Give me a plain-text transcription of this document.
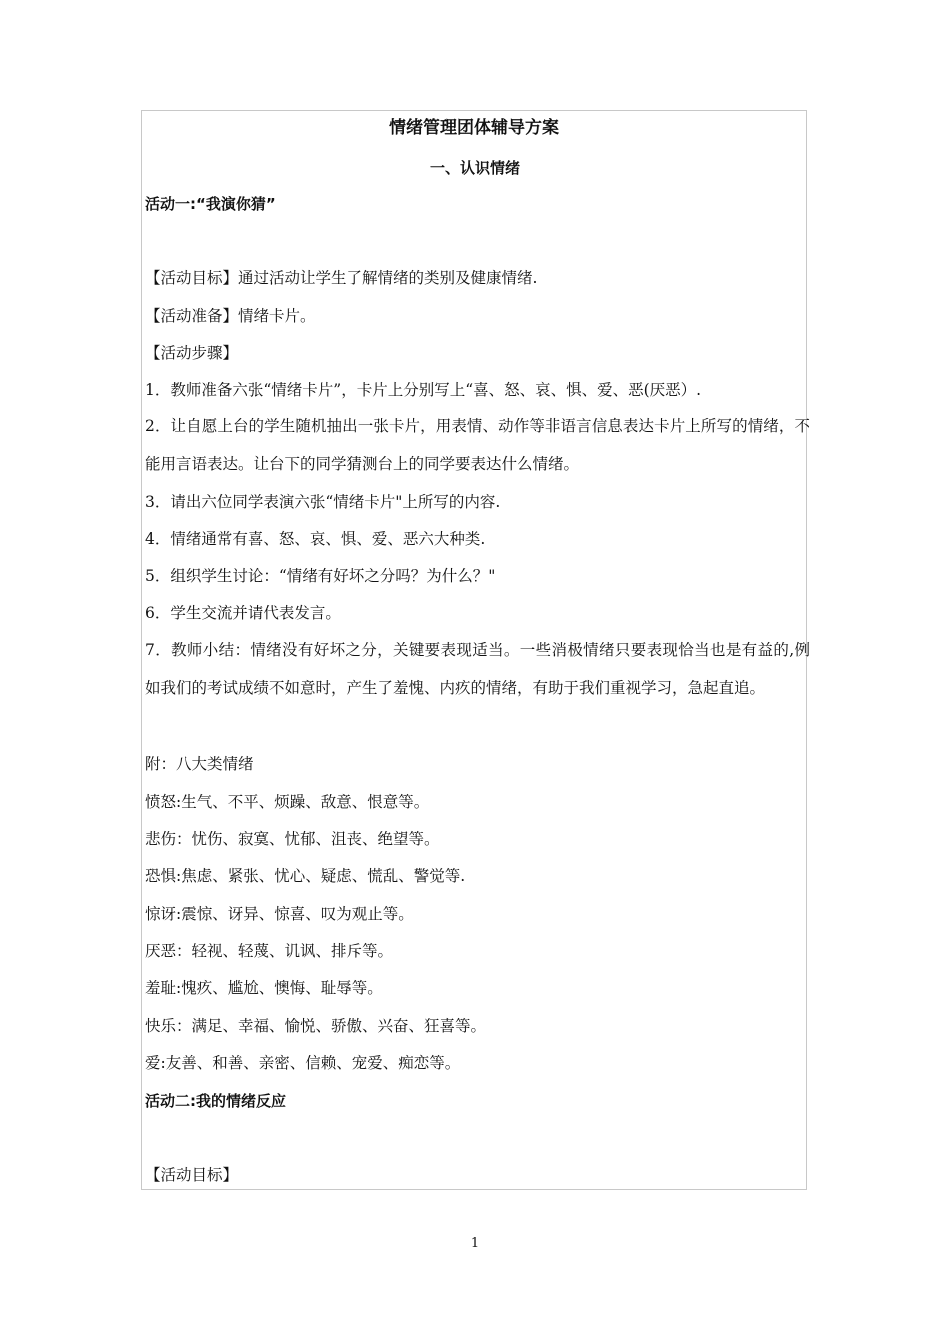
情绪管理团体辅导方案
一、认识情绪
活动一:“我演你猜”
【活动目标】通过活动让学生了解情绪的类别及健康情绪.
【活动准备】情绪卡片。
【活动步骤】
1．教师准备六张“情绪卡片”，卡片上分别写上“喜、怒、哀、惧、爱、恶(厌恶）.
2．让自愿上台的学生随机抽出一张卡片，用表情、动作等非语言信息表达卡片上所写的情绪，不能用言语表达。让台下的同学猜测台上的同学要表达什么情绪。
3．请出六位同学表演六张“情绪卡片"上所写的内容.
4．情绪通常有喜、怒、哀、惧、爱、恶六大种类.
5．组织学生讨论：“情绪有好坏之分吗？为什么？"
6．学生交流并请代表发言。
7．教师小结：情绪没有好坏之分，关键要表现适当。一些消极情绪只要表现恰当也是有益的,例如我们的考试成绩不如意时，产生了羞愧、内疚的情绪，有助于我们重视学习，急起直追。
附：八大类情绪
愤怒:生气、不平、烦躁、敌意、恨意等。
悲伤：忧伤、寂寞、忧郁、沮丧、绝望等。
恐惧:焦虑、紧张、忧心、疑虑、慌乱、警觉等.
惊讶:震惊、讶异、惊喜、叹为观止等。
厌恶：轻视、轻蔑、讥讽、排斥等。
羞耻:愧疚、尴尬、懊悔、耻辱等。
快乐：满足、幸福、愉悦、骄傲、兴奋、狂喜等。
爱:友善、和善、亲密、信赖、宠爱、痴恋等。
活动二:我的情绪反应
【活动目标】
1
